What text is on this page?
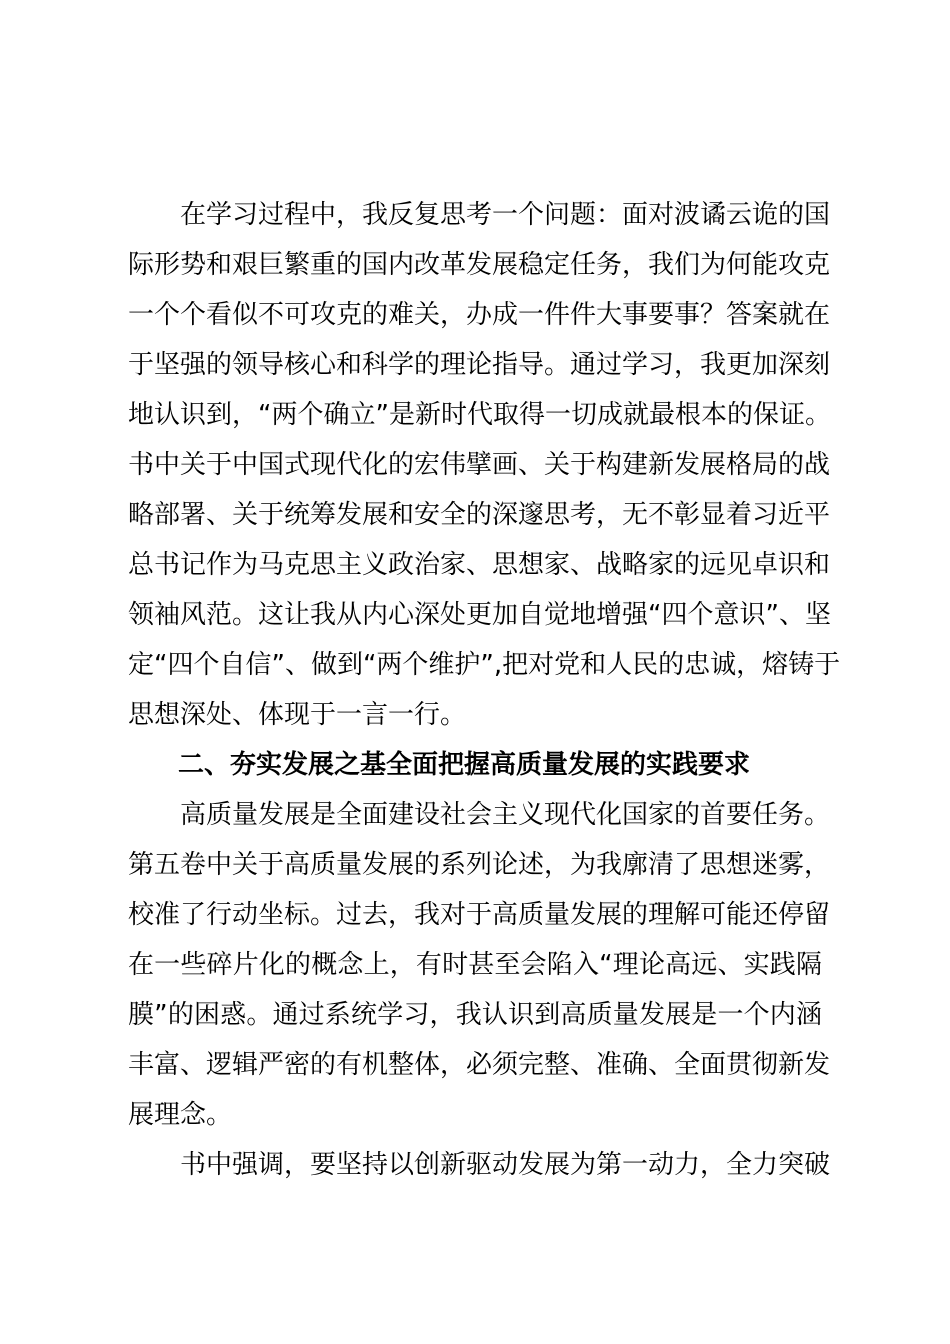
在学习过程中，我反复思考一个问题：面对波谲云诡的国
际形势和艰巨繁重的国内改革发展稳定任务，我们为何能攻克
一个个看似不可攻克的难关，办成一件件大事要事？答案就在
于坚强的领导核心和科学的理论指导。通过学习，我更加深刻
地认识到，“两个确立”是新时代取得一切成就最根本的保证。
书中关于中国式现代化的宏伟擘画、关于构建新发展格局的战
略部署、关于统筹发展和安全的深邃思考，无不彰显着习近平
总书记作为马克思主义政治家、思想家、战略家的远见卓识和
领袖风范。这让我从内心深处更加自觉地增强“四个意识”、坚
定“四个自信”、做到“两个维护”,把对党和人民的忠诚，熔铸于
思想深处、体现于一言一行。
二、夯实发展之基全面把握高质量发展的实践要求
高质量发展是全面建设社会主义现代化国家的首要任务。
第五卷中关于高质量发展的系列论述，为我廓清了思想迷雾，
校准了行动坐标。过去，我对于高质量发展的理解可能还停留
在一些碎片化的概念上，有时甚至会陷入“理论高远、实践隔
膜”的困惑。通过系统学习，我认识到高质量发展是一个内涵
丰富、逻辑严密的有机整体，必须完整、准确、全面贯彻新发
展理念。
书中强调，要坚持以创新驱动发展为第一动力，全力突破
